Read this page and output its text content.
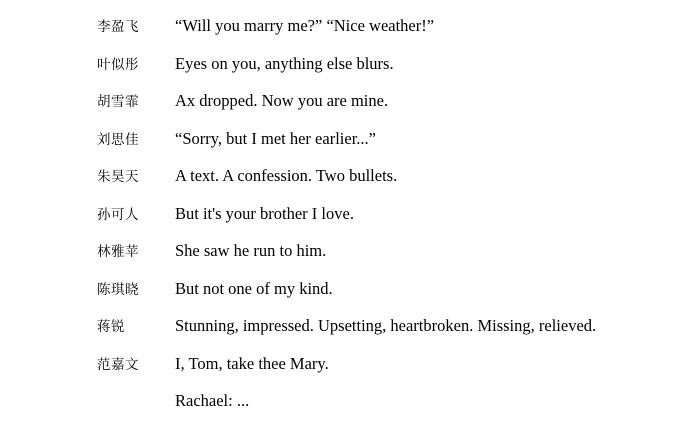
李盈飞	“Will you marry me?” “Nice weather!”
叶似彤	Eyes on you, anything else blurs.
胡雪霏	Ax dropped. Now you are mine.
刘思佳	“Sorry, but I met her earlier...”
朱昊天	A text. A confession. Two bullets.
孙可人	But it's your brother I love.
林雅苹	She saw he run to him.
陈琪晓	But not one of my kind.
蒋锐	Stunning, impressed. Upsetting, heartbroken. Missing, relieved.
范嘉文	I, Tom, take thee Mary.
Rachael: ...
